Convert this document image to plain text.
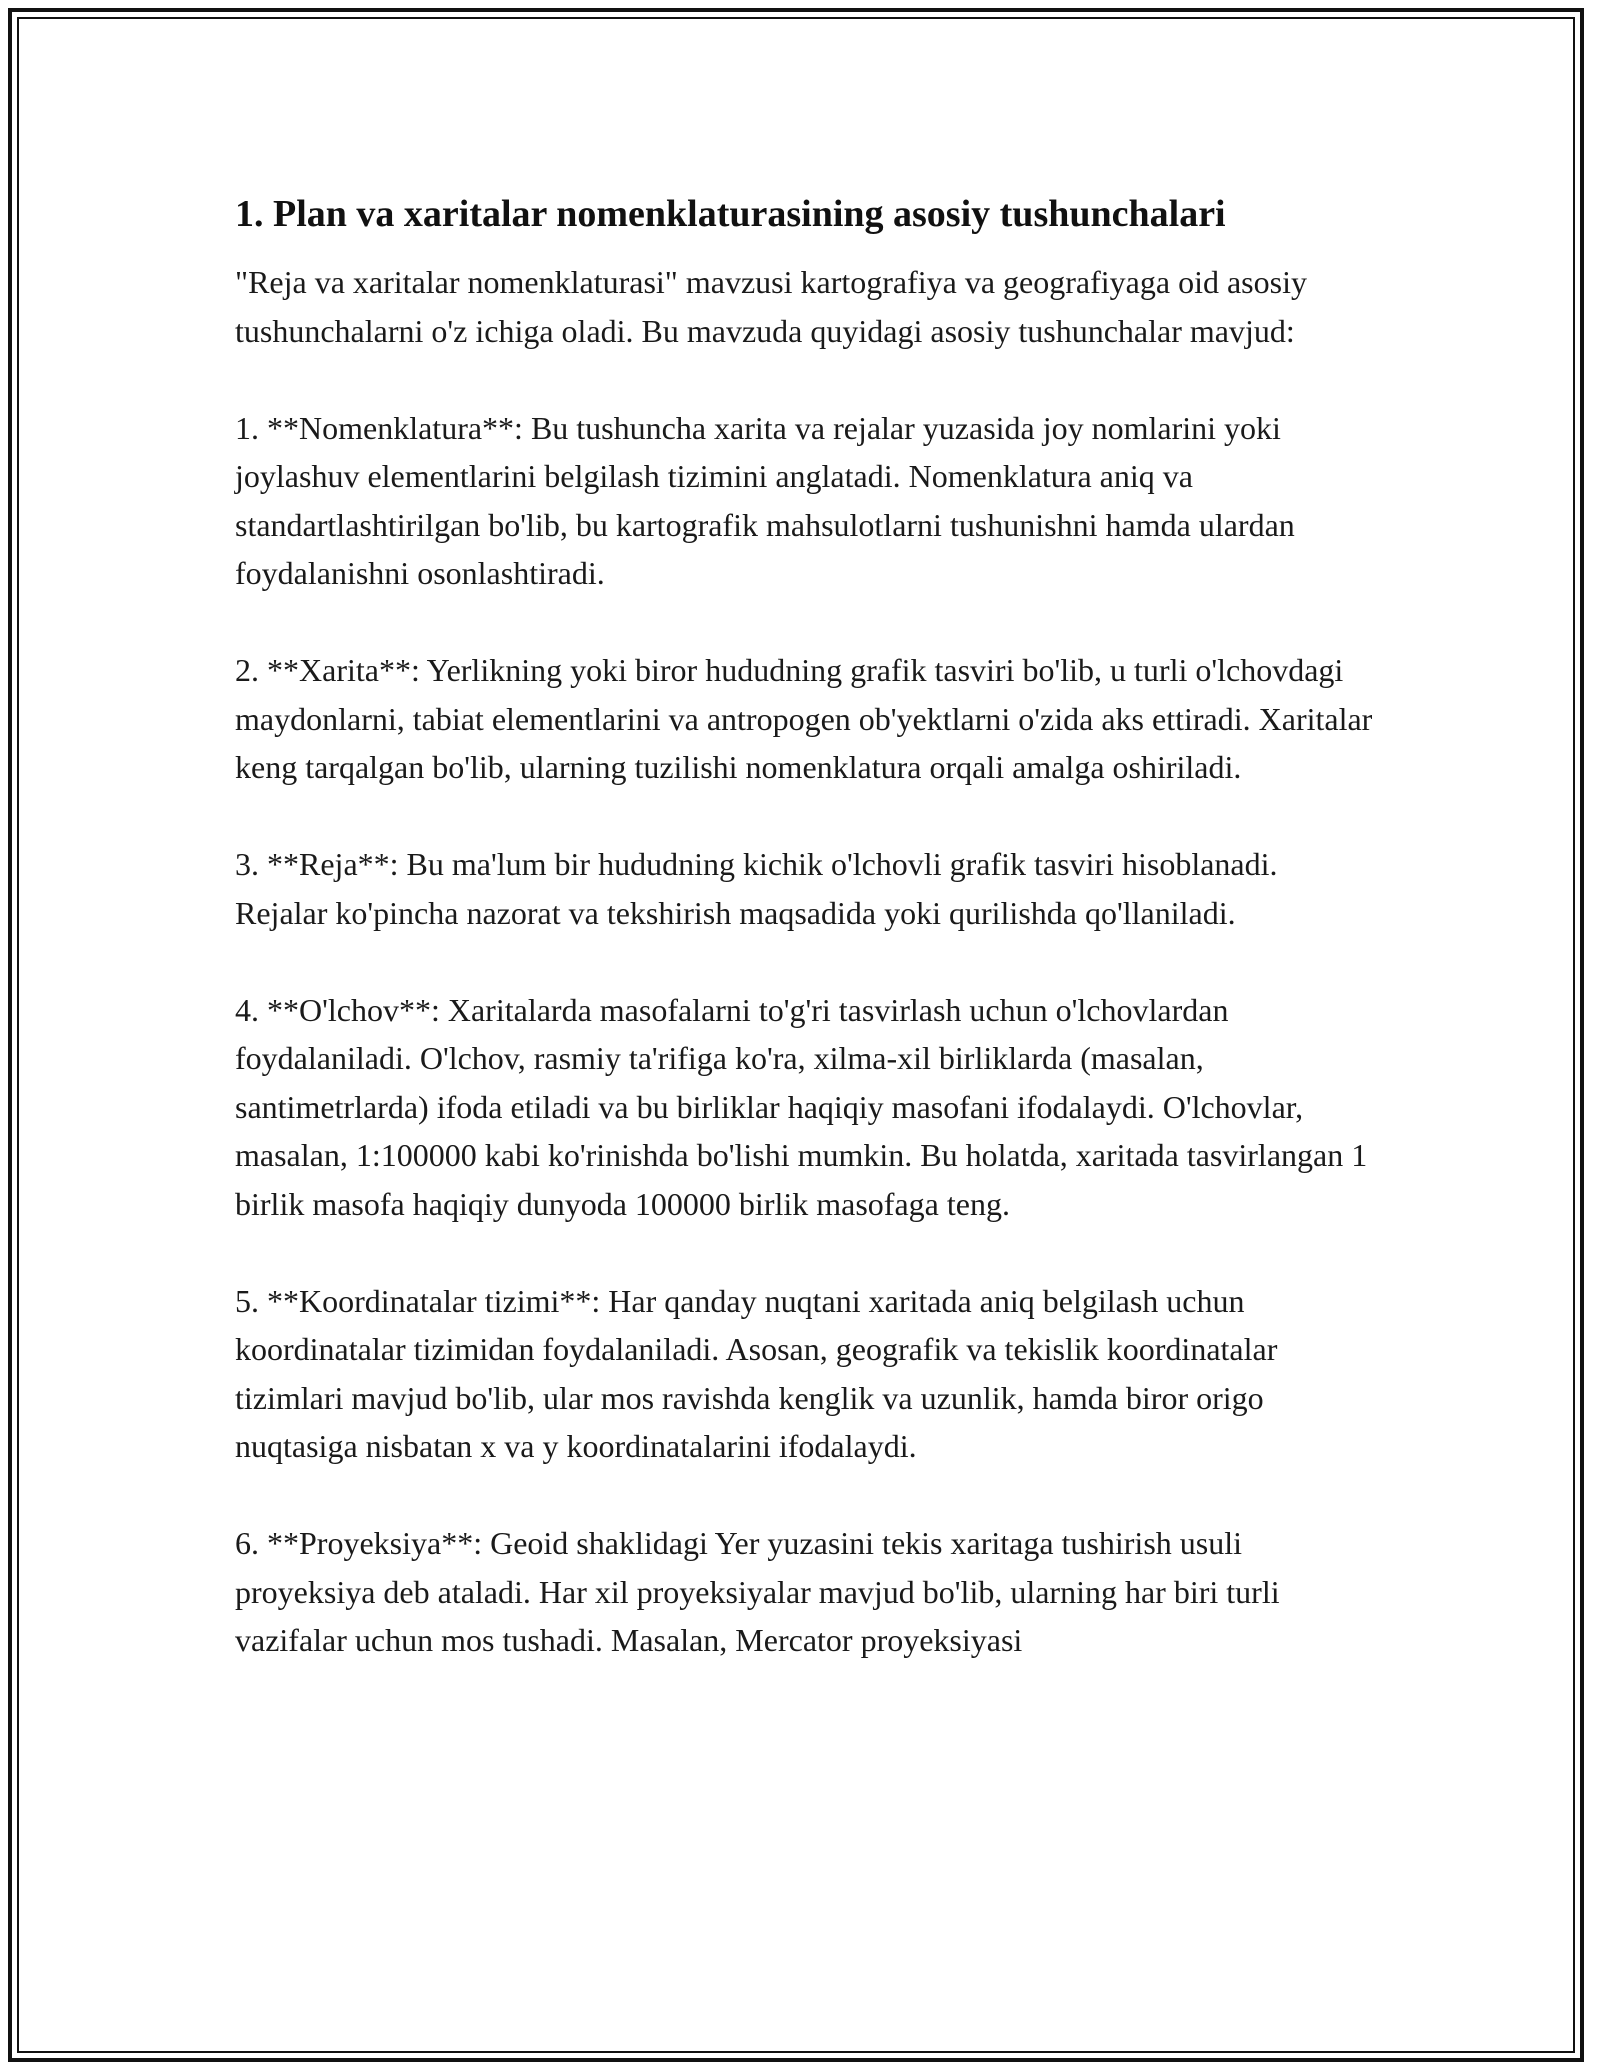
1. Plan va xaritalar nomenklaturasining asosiy tushunchalari

"Reja va xaritalar nomenklaturasi" mavzusi kartografiya va geografiyaga oid asosiy tushunchalarni o'z ichiga oladi. Bu mavzuda quyidagi asosiy tushunchalar mavjud:

1. **Nomenklatura**: Bu tushuncha xarita va rejalar yuzasida joy nomlarini yoki joylashuv elementlarini belgilash tizimini anglatadi. Nomenklatura aniq va standartlashtirilgan bo'lib, bu kartografik mahsulotlarni tushunishni hamda ulardan foydalanishni osonlashtiradi.

2. **Xarita**: Yerlikning yoki biror hududning grafik tasviri bo'lib, u turli o'lchovdagi maydonlarni, tabiat elementlarini va antropogen ob'yektlarni o'zida aks ettiradi. Xaritalar keng tarqalgan bo'lib, ularning tuzilishi nomenklatura orqali amalga oshiriladi.

3. **Reja**: Bu ma'lum bir hududning kichik o'lchovli grafik tasviri hisoblanadi. Rejalar ko'pincha nazorat va tekshirish maqsadida yoki qurilishda qo'llaniladi.

4. **O'lchov**: Xaritalarda masofalarni to'g'ri tasvirlash uchun o'lchovlardan foydalaniladi. O'lchov, rasmiy ta'rifiga ko'ra, xilma-xil birliklarda (masalan, santimetrlarda) ifoda etiladi va bu birliklar haqiqiy masofani ifodalaydi. O'lchovlar, masalan, 1:100000 kabi ko'rinishda bo'lishi mumkin. Bu holatda, xaritada tasvirlangan 1 birlik masofa haqiqiy dunyoda 100000 birlik masofaga teng.

5. **Koordinatalar tizimi**: Har qanday nuqtani xaritada aniq belgilash uchun koordinatalar tizimidan foydalaniladi. Asosan, geografik va tekislik koordinatalar tizimlari mavjud bo'lib, ular mos ravishda kenglik va uzunlik, hamda biror origo nuqtasiga nisbatan x va y koordinatalarini ifodalaydi.

6. **Proyeksiya**: Geoid shaklidagi Yer yuzasini tekis xaritaga tushirish usuli proyeksiya deb ataladi. Har xil proyeksiyalar mavjud bo'lib, ularning har biri turli vazifalar uchun mos tushadi. Masalan, Mercator proyeksiyasi
